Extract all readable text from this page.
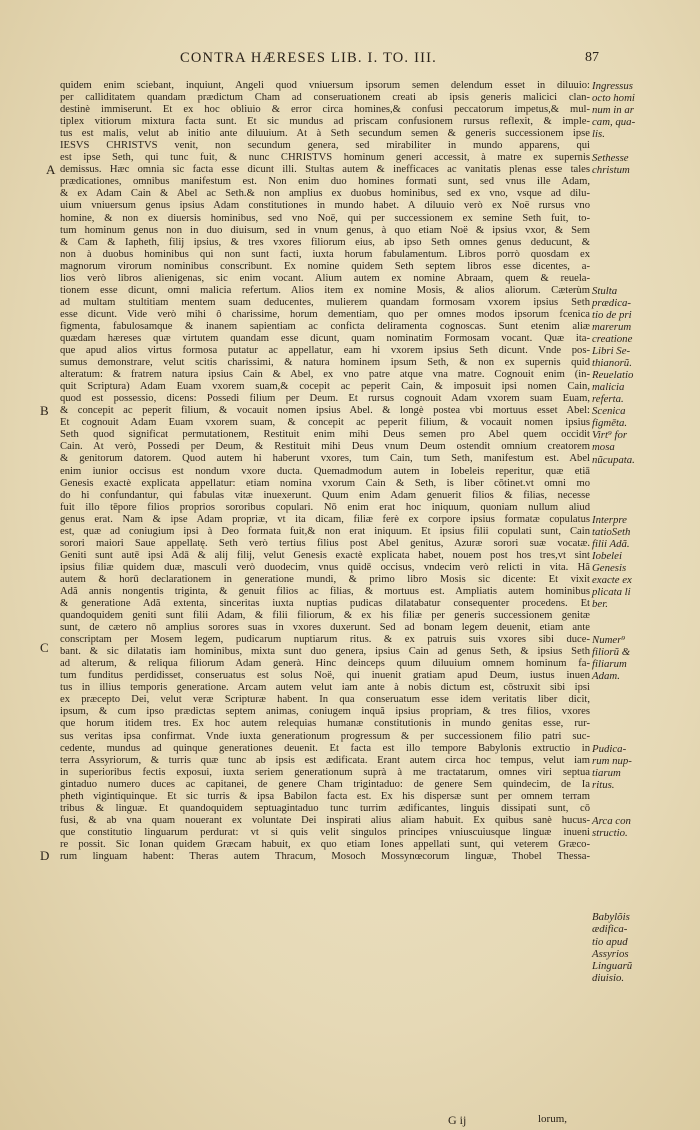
CONTRA HÆRESES LIB. I. TO. III.	87
quidem enim sciebant, inquiunt, Angeli quod vniuersum ipsorum semen delendum esset in diluuio:
per calliditatem quandam prædictum Cham ad conseruationem creati ab ipsis generis malicici clan-
destinè immiserunt. Et ex hoc obliuio & error circa homines,& confusi peccatorum impetus,& mul-
tiplex vitiorum mixtura facta sunt. Et sic mundus ad priscam confusionem rursus reflexit, & imple-
tus est malis, velut ab initio ante diluuium. At à Seth secundum semen & generis successionem ipse
IESVS CHRISTVS venit, non secundum genera, sed mirabiliter in mundo apparens, qui
est ipse Seth, qui tunc fuit, & nunc CHRISTVS hominum generi accessit, à matre ex supernis
demissus. Hæc omnia sic facta esse dicunt illi. Stultas autem & inefficaces ac vanitatis plenas esse tales
prædicationes, omnibus manifestum est. Non enim duo homines formati sunt, sed vnus ille Adam,
& ex Adam Cain & Abel ac Seth.& non amplius ex duobus hominibus, sed ex vno, vsque ad dilu-
uium vniuersum genus ipsius Adam constitutiones in mundo habet. A diluuio verò ex Noë rursus vno
homine, & non ex diuersis hominibus, sed vno Noë, qui per successionem ex semine Seth fuit, to-
tum hominum genus non in duo diuisum, sed in vnum genus, à quo etiam Noë & ipsius vxor, & Sem
& Cam & Iapheth, filij ipsius, & tres vxores filiorum eius, ab ipso Seth omnes genus deducunt, &
non à duobus hominibus qui non sunt facti, iuxta horum fabulamentum. Libros porrò quosdam ex
magnorum virorum nominibus conscribunt. Ex nomine quidem Seth septem libros esse dicentes, a-
lios verò libros alienigenas, sic enim vocant. Alium autem ex nomine Abraam, quem & reuela-
tionem esse dicunt, omni malicia refertum. Alios item ex nomine Mosis, & alios aliorum. Cæterùm
ad multam stultitiam mentem suam deducentes, mulierem quandam formosam vxorem ipsius Seth
esse dicunt. Vide verò mihi ô charissime, horum dementiam, quo per omnes modos ipsorum fcenica
figmenta, fabulosamque & inanem sapientiam ac conficta deliramenta cognoscas. Sunt etenim aliæ
quædam hæreses quæ virtutem quandam esse dicunt, quam nominatim Formosam vocant. Quæ ita-
que apud alios virtus formosa putatur ac appellatur, eam hi vxorem ipsius Seth dicunt. Vnde pos-
sumus demonstrare, velut scitis charissimi, & natura hominem ipsum Seth, & non ex supernis quid
alteratum: & fratrem natura ipsius Cain & Abel, ex vno patre atque vna matre. Cognouit enim (in-
quit Scriptura) Adam Euam vxorem suam,& cocepit ac peperit Cain, & imposuit ipsi nomen Cain,
quod est possessio, dicens: Possedi filium per Deum. Et rursus cognouit Adam vxorem suam Euam,
& concepit ac peperit filium, & vocauit nomen ipsius Abel. & longè postea vbi mortuus esset Abel:
Et cognouit Adam Euam vxorem suam, & concepit ac peperit filium, & vocauit nomen ipsius
Seth quod significat permutationem, Restituit enim mihi Deus semen pro Abel quem occidit
Cain. At verò, Possedi per Deum, & Restituit mihi Deus vnum Deum ostendit omnium creatorem
& genitorum datorem. Quod autem hi haberunt vxores, tum Cain, tum Seth, manifestum est. Abel
enim iunior occisus est nondum vxore ducta. Quemadmodum autem in Iobeleis reperitur, quæ etiā
Genesis exactè explicata appellatur: etiam nomina vxorum Cain & Seth, is liber cōtinet.vt omni mo
do hi confundantur, qui fabulas vitæ inuexerunt. Quum enim Adam genuerit filios & filias, necesse
fuit illo tēpore filios proprios sororibus copulari. Nō enim erat hoc iniquum, quoniam nullum aliud
genus erat. Nam & ipse Adam propriæ, vt ita dicam, filiæ ferè ex corpore ipsius formatæ copulatus
est, quæ ad coniugium ipsi à Deo formata fuit,& non erat iniquum. Et ipsius filii copulati sunt, Cain
sorori maiori Saue appellatę. Seth verò tertius filius post Abel genitus, Azuræ sorori suæ vocatæ.
Geniti sunt autē ipsi Adā & alij filij, velut Genesis exactè explicata habet, nouem post hos tres,vt sint
ipsius filiæ quidem duæ, masculi verò duodecim, vnus quidē occisus, vndecim verò relicti in vita. Hã
autem & horū declarationem in generatione mundi, & primo libro Mosis sic dicente: Et vixit
Adã annis nongentis triginta, & genuit filios ac filias, & mortuus est. Ampliatis autem hominibus
& generatione Adã extenta, sinceritas iuxta nuptias pudicas dilatabatur consequenter procedens. Et
quandoquidem geniti sunt filii Adam, & filii filiorum, & ex his filiæ per generis successionem genitæ
sunt, de cætero nō amplius sorores suas in vxores duxerunt. Sed ad bonam legem deuenit, etiam ante
conscriptam per Mosem legem, pudicarum nuptiarum ritus. & ex patruis suis vxores sibi duce-
bant. & sic dilatatis iam hominibus, mixta sunt duo genera, ipsius Cain ad genus Seth, & ipsius Seth
ad alterum, & reliqua filiorum Adam generà. Hinc deinceps quum diluuium omnem hominum fa-
tum funditus perdidisset, conseruatus est solus Noë, qui inuenit gratiam apud Deum, iustus inuen
tus in illius temporis generatione. Arcam autem velut iam ante à nobis dictum est, cōstruxit sibi ipsi
ex præcepto Dei, velut veræ Scripturæ habent. In qua conseruatum esse idem veritatis liber dicit,
ipsum, & cum ipso prædictas septem animas, coniugem inquã ipsius propriam, & tres filios, vxores
que horum itidem tres. Ex hoc autem relequias humanæ constitutionis in mundo genitas esse, rur-
sus veritas ipsa confirmat. Vnde iuxta generationum progressum & per successionem filio patri suc-
cedente, mundus ad quinque generationes deuenit. Et facta est illo tempore Babylonis extructio in
terra Assyriorum, & turris quæ tunc ab ipsis est ædificata. Erant autem circa hoc tempus, velut iam
in superioribus fectis exposui, iuxta seriem generationum suprà à me tractatarum, omnes viri septua
gintaduo numero duces ac capitanei, de genere Cham trigintaduo: de genere Sem quindecim, de Ia
pheth vigintiquinque. Et sic turris & ipsa Babilon facta est. Ex his dispersæ sunt per omnem terram
tribus & linguæ. Et quandoquidem septuagintaduo tunc turrim ædificantes, linguis dissipati sunt, cō
fusi, & ab vna quam nouerant ex voluntate Dei inspirati alius aliam habuit. Ex quibus sanè hucus-
que constitutio linguarum perdurat: vt si quis velit singulos principes vniuscuiusque linguæ inueni
re possit. Sic Ionan quidem Græcam habuit, ex quo etiam Iones appellati sunt, qui veterem Græco-
rum linguam habent: Theras autem Thracum, Mosoch Mossynœcorum linguæ, Thobel Thessa-
Ingressus
octo homi
num in ar
cam, qua-
lis.
Sethesse
christum
Stulta
prædica-
tio de pri
marerum
creatione
Libri Se-
thianorũ.
Reuelatio
malicia
referta.
Scenica
figmēta.
Virt⁹ for
mosa
nũcupata.
Interpre
tatioSeth
filii Adã.
Iobelei
Genesis
exacte ex
plicata li
ber.
Numer⁹
filiorũ &
filiarum
Adam.
Pudica-
rum nup-
tiarum
ritus.
Arca con
structio.
Babylõis
ædifica-
tio apud
Assyrios
Linguarũ
diuisio.
A
B
C
D
G ij	lorum,
